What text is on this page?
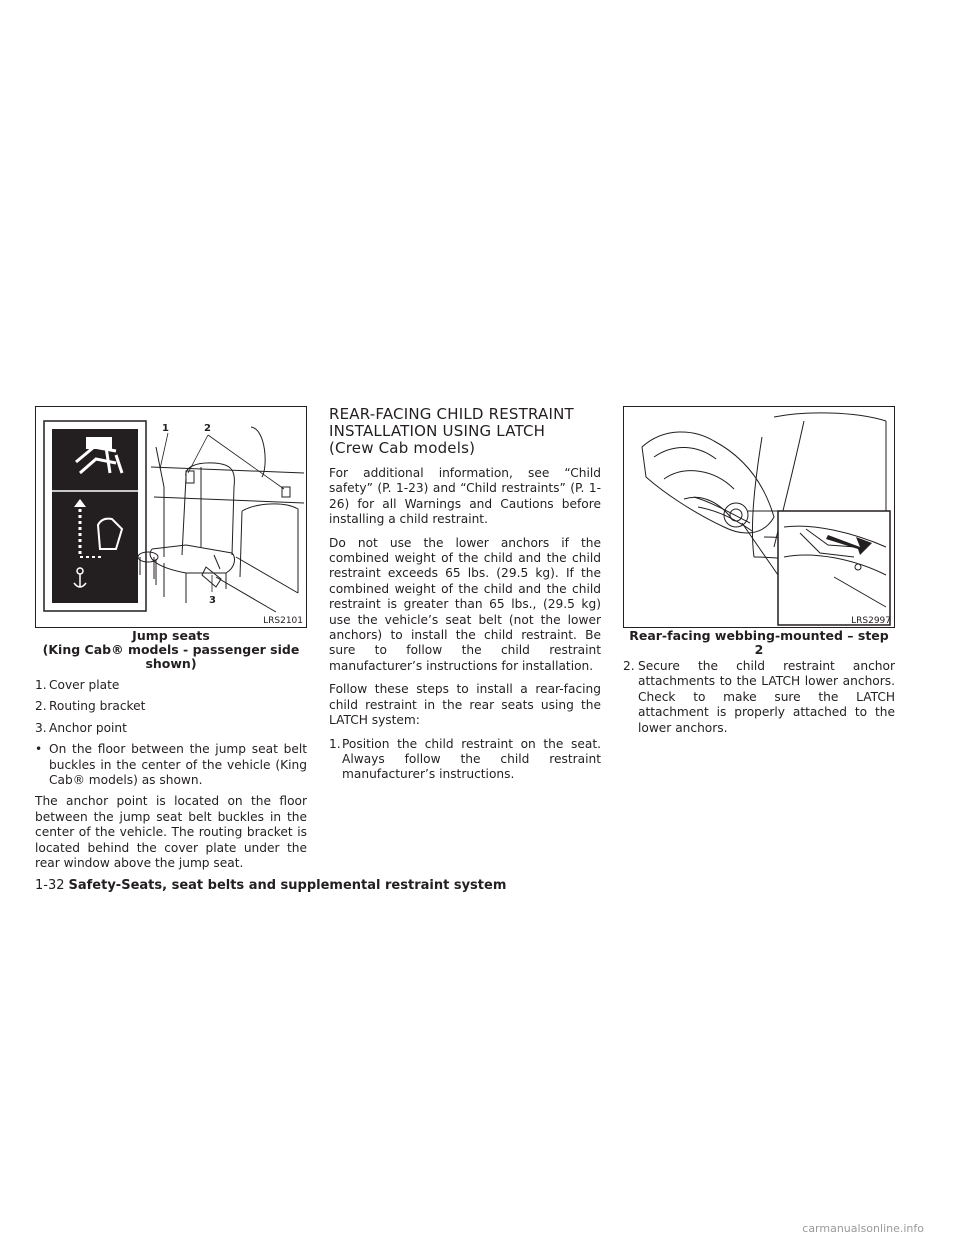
1	2
3
LRS2101
Jump seats
(King Cab® models - passenger side
shown)
1. Cover plate
2. Routing bracket
3. Anchor point
• On the floor between the jump seat belt buckles in the center of the vehicle (King Cab® models) as shown.

The anchor point is located on the floor between the jump seat belt buckles in the center of the vehicle. The routing bracket is located behind the cover plate under the rear window above the jump seat.

REAR-FACING CHILD RESTRAINT
INSTALLATION USING LATCH
(Crew Cab models)

For additional information, see “Child safety” (P. 1-23) and “Child restraints” (P. 1-26) for all Warnings and Cautions before installing a child restraint.

Do not use the lower anchors if the combined weight of the child and the child restraint exceeds 65 lbs. (29.5 kg). If the combined weight of the child and the child restraint is greater than 65 lbs., (29.5 kg) use the vehicle’s seat belt (not the lower anchors) to install the child restraint. Be sure to follow the child restraint manufacturer’s instructions for installation.

Follow these steps to install a rear-facing child restraint in the rear seats using the LATCH system:

1.Position the child restraint on the seat. Always follow the child restraint manufacturer’s instructions.
LRS2997
Rear-facing webbing-mounted – step 2
2. Secure the child restraint anchor attachments to the LATCH lower anchors. Check to make sure the LATCH attachment is properly attached to the lower anchors.
1-32 Safety-Seats, seat belts and supplemental restraint system
carmanualsonline.info
